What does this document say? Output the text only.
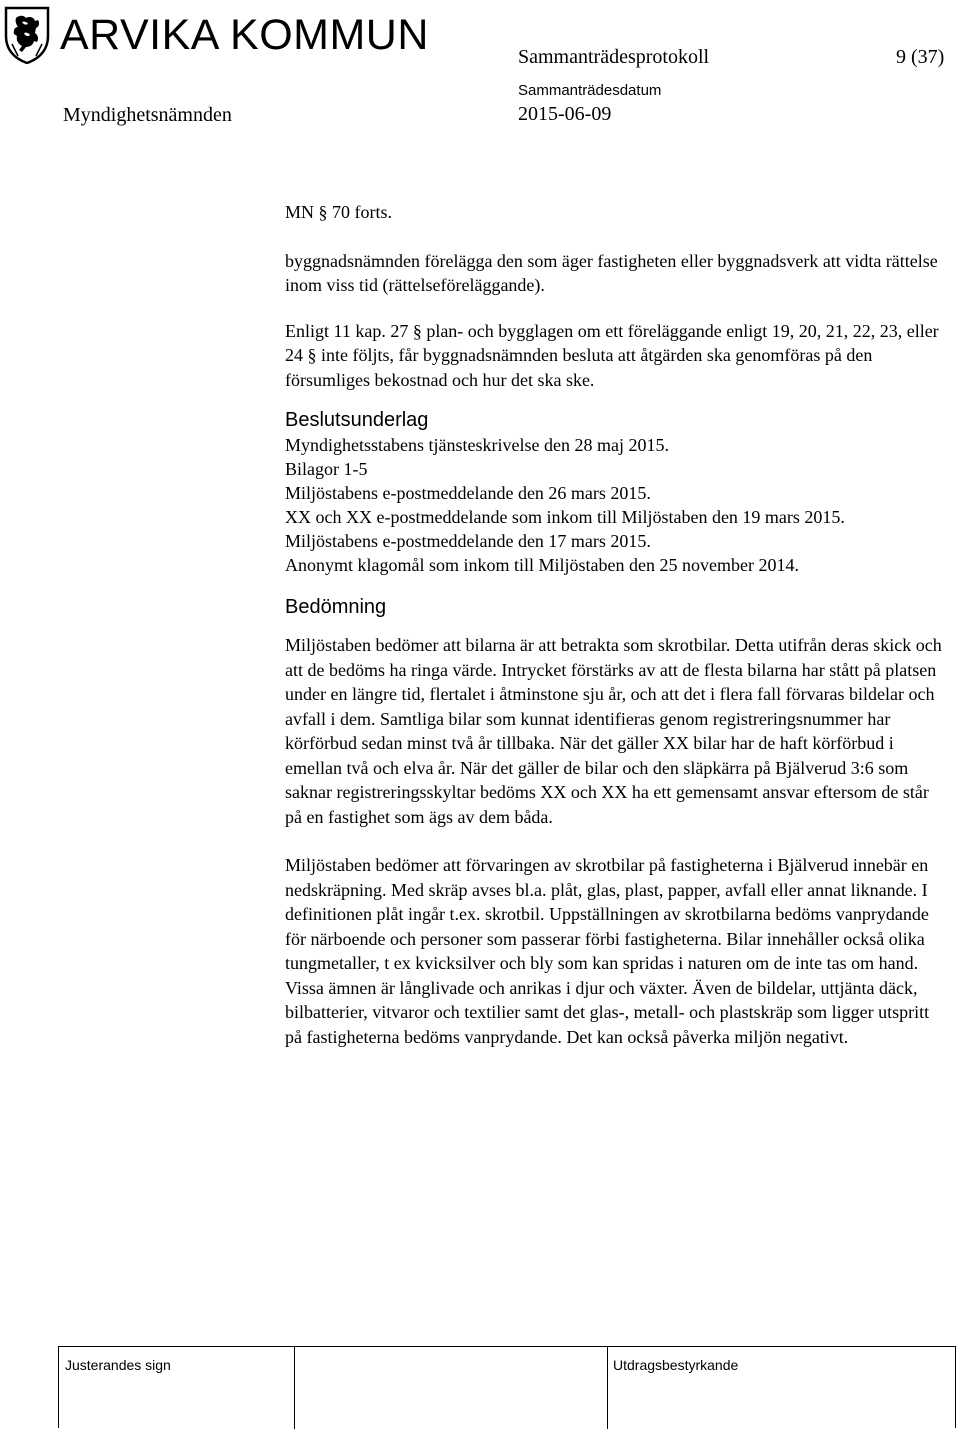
ARVIKA KOMMUN	Sammanträdesprotokoll	9 (37)
Myndighetsnämnden
Sammanträdesdatum
2015-06-09

MN § 70 forts.

byggnadsnämnden förelägga den som äger fastigheten eller byggnadsverk att vidta rättelse inom viss tid (rättelseföreläggande).

Enligt 11 kap. 27 § plan- och bygglagen om ett föreläggande enligt 19, 20, 21, 22, 23, eller 24 § inte följts, får byggnadsnämnden besluta att åtgärden ska genomföras på den försumliges bekostnad och hur det ska ske.

Beslutsunderlag

Myndighetsstabens tjänsteskrivelse den 28 maj 2015.

Bilagor 1-5

Miljöstabens e-postmeddelande den 26 mars 2015.

XX och XX e-postmeddelande som inkom till Miljöstaben den 19 mars 2015.

Miljöstabens e-postmeddelande den 17 mars 2015.

Anonymt klagomål som inkom till Miljöstaben den 25 november 2014.

Bedömning

Miljöstaben bedömer att bilarna är att betrakta som skrotbilar. Detta utifrån deras skick och att de bedöms ha ringa värde. Intrycket förstärks av att de flesta bilarna har stått på platsen under en längre tid, flertalet i åtminstone sju år, och att det i flera fall förvaras bildelar och avfall i dem. Samtliga bilar som kunnat identifieras genom registreringsnummer har körförbud sedan minst två år tillbaka. När det gäller XX bilar har de haft körförbud i emellan två och elva år. När det gäller de bilar och den släpkärra på Bjälverud 3:6 som saknar registreringsskyltar bedöms XX och XX ha ett gemensamt ansvar eftersom de står på en fastighet som ägs av dem båda.

Miljöstaben bedömer att förvaringen av skrotbilar på fastigheterna i Bjälverud innebär en nedskräpning. Med skräp avses bl.a. plåt, glas, plast, papper, avfall eller annat liknande. I definitionen plåt ingår t.ex. skrotbil. Uppställningen av skrotbilarna bedöms vanprydande för närboende och personer som passerar förbi fastigheterna. Bilar innehåller också olika tungmetaller, t ex kvicksilver och bly som kan spridas i naturen om de inte tas om hand. Vissa ämnen är långlivade och anrikas i djur och växter. Även de bildelar, uttjänta däck, bilbatterier, vitvaror och textilier samt det glas-, metall- och plastskräp som ligger utspritt på fastigheterna bedöms vanprydande. Det kan också påverka miljön negativt.

Justerandes sign	Utdragsbestyrkande
